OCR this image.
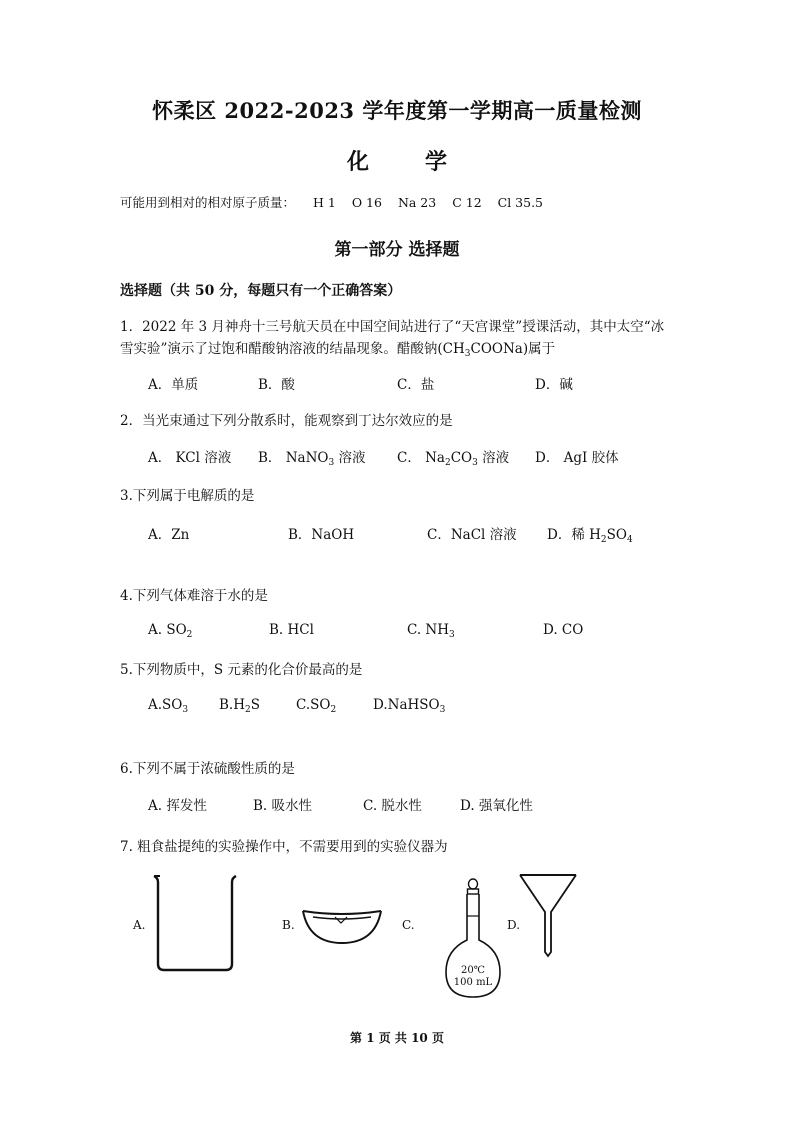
怀柔区 2022-2023 学年度第一学期高一质量检测
化	学
可能用到相对的相对原子质量： H 1 O 16 Na 23 C 12 Cl 35.5
第一部分 选择题
选择题（共 50 分，每题只有一个正确答案）
1．2022 年 3 月神舟十三号航天员在中国空间站进行了“天宫课堂”授课活动，其中太空“冰
雪实验”演示了过饱和醋酸钠溶液的结晶现象。醋酸钠$(CH_3COONa)$属于
A．单质	B．酸	C．盐	D．碱
2．当光束通过下列分散系时，能观察到丁达尔效应的是
A． KCl 溶液 B． NaNO$_3$ 溶液 C． $Na_2CO_3$ 溶液 D． AgI 胶体
3.下列属于电解质的是
A．Zn	B．NaOH	C．NaCl 溶液 D．稀 $H_2SO_4$
4.下列气体难溶于水的是
A. $SO_2$	B. HCl	C. $NH_3$	D. CO
5.下列物质中，S 元素的化合价最高的是
$A.SO_3$ $B.H_2S$	$C.SO_2$	D.NaHSO$_3$
6.下列不属于浓硫酸性质的是
A. 挥发性	B. 吸水性	C. 脱水性	D. 强氧化性
7. 粗食盐提纯的实验操作中，不需要用到的实验仪器为
A.	B.	C.	D.
20℃
100 mL
第 1 页 共 10 页
